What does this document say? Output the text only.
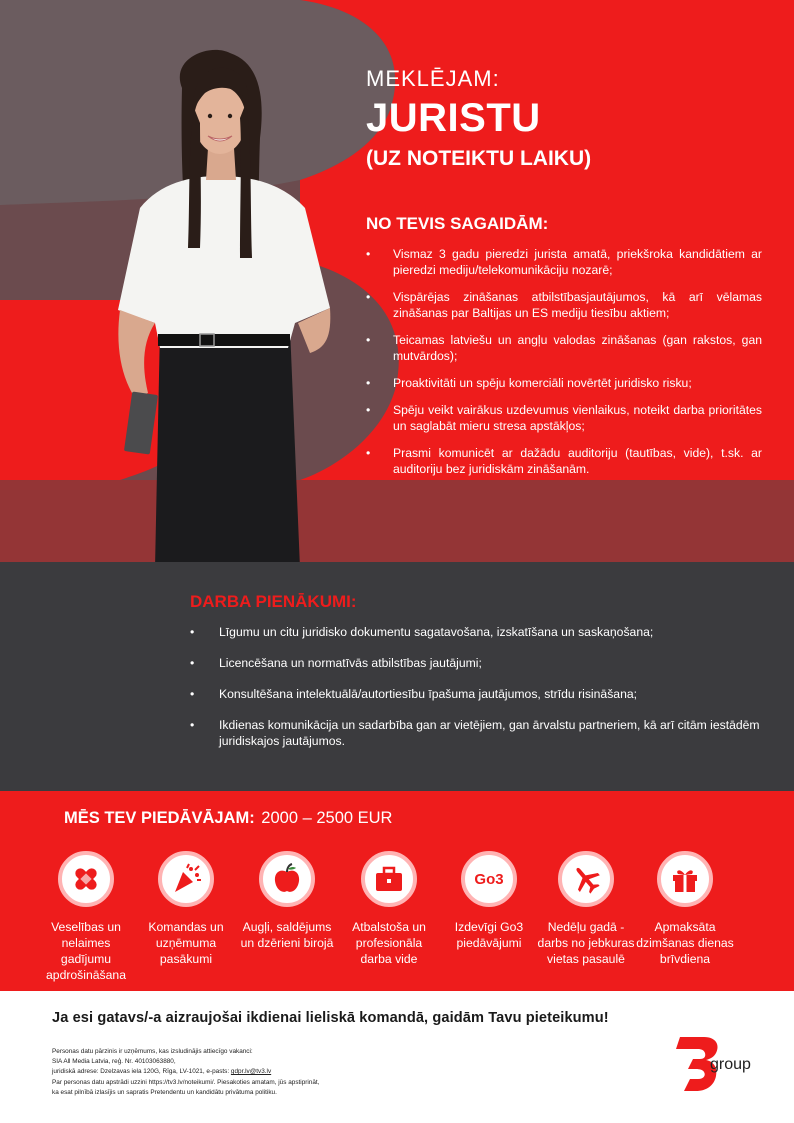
MEKLĒJAM:
JURISTU
(UZ NOTEIKTU LAIKU)
NO TEVIS SAGAIDĀM:
• Vismaz 3 gadu pieredzi jurista amatā, priekšroka kandidātiem ar pieredzi mediju/telekomunikāciju nozarē;
• Vispārējas zināšanas atbilstībasjautājumos, kā arī vēlamas zināšanas par Baltijas un ES mediju tiesību aktiem;
• Teicamas latviešu un angļu valodas zināšanas (gan rakstos, gan mutvārdos);
• Proaktivitāti un spēju komerciāli novērtēt juridisko risku;
• Spēju veikt vairākus uzdevumus vienlaikus, noteikt darba prioritātes un saglabāt mieru stresa apstākļos;
• Prasmi komunicēt ar dažādu auditoriju (tautības, vide), t.sk. ar auditoriju bez juridiskām zināšanām.
DARBA PIENĀKUMI:
• Līgumu un citu juridisko dokumentu sagatavošana, izskatīšana un saskaņošana;
• Licencēšana un normatīvās atbilstības jautājumi;
• Konsultēšana intelektuālā/autortiesību īpašuma jautājumos, strīdu risināšana;
• Ikdienas komunikācija un sadarbība gan ar vietējiem, gan ārvalstu partneriem, kā arī citām iestādēm juridiskajos jautājumos.
MĒS TEV PIEDĀVĀJAM: 2000 – 2500 EUR
Veselības un nelaimes gadījumu apdrošināšana
Komandas un uzņēmuma pasākumi
Augļi, saldējums un dzērieni birojā
Atbalstoša un profesionāla darba vide
Go3
Izdevīgi Go3 piedāvājumi
Nedēļu gadā - darbs no jebkuras vietas pasaulē
Apmaksāta dzimšanas dienas brīvdiena
Ja esi gatavs/-a aizraujošai ikdienai lieliskā komandā, gaidām Tavu pieteikumu!
Personas datu pārzinis ir uzņēmums, kas izsludinājis attiecīgo vakanci:
SIA All Media Latvia, reģ. Nr. 40103063880,
juridiskā adrese: Dzelzavas iela 120G, Rīga, LV-1021, e-pasts: gdpr.lv@tv3.lv
Par personas datu apstrādi uzzini https://tv3.lv/noteikumi/. Piesakoties amatam, jūs apstiprināt,
ka esat pilnībā izlasījis un sapratis Pretendentu un kandidātu privātuma politiku.
group
